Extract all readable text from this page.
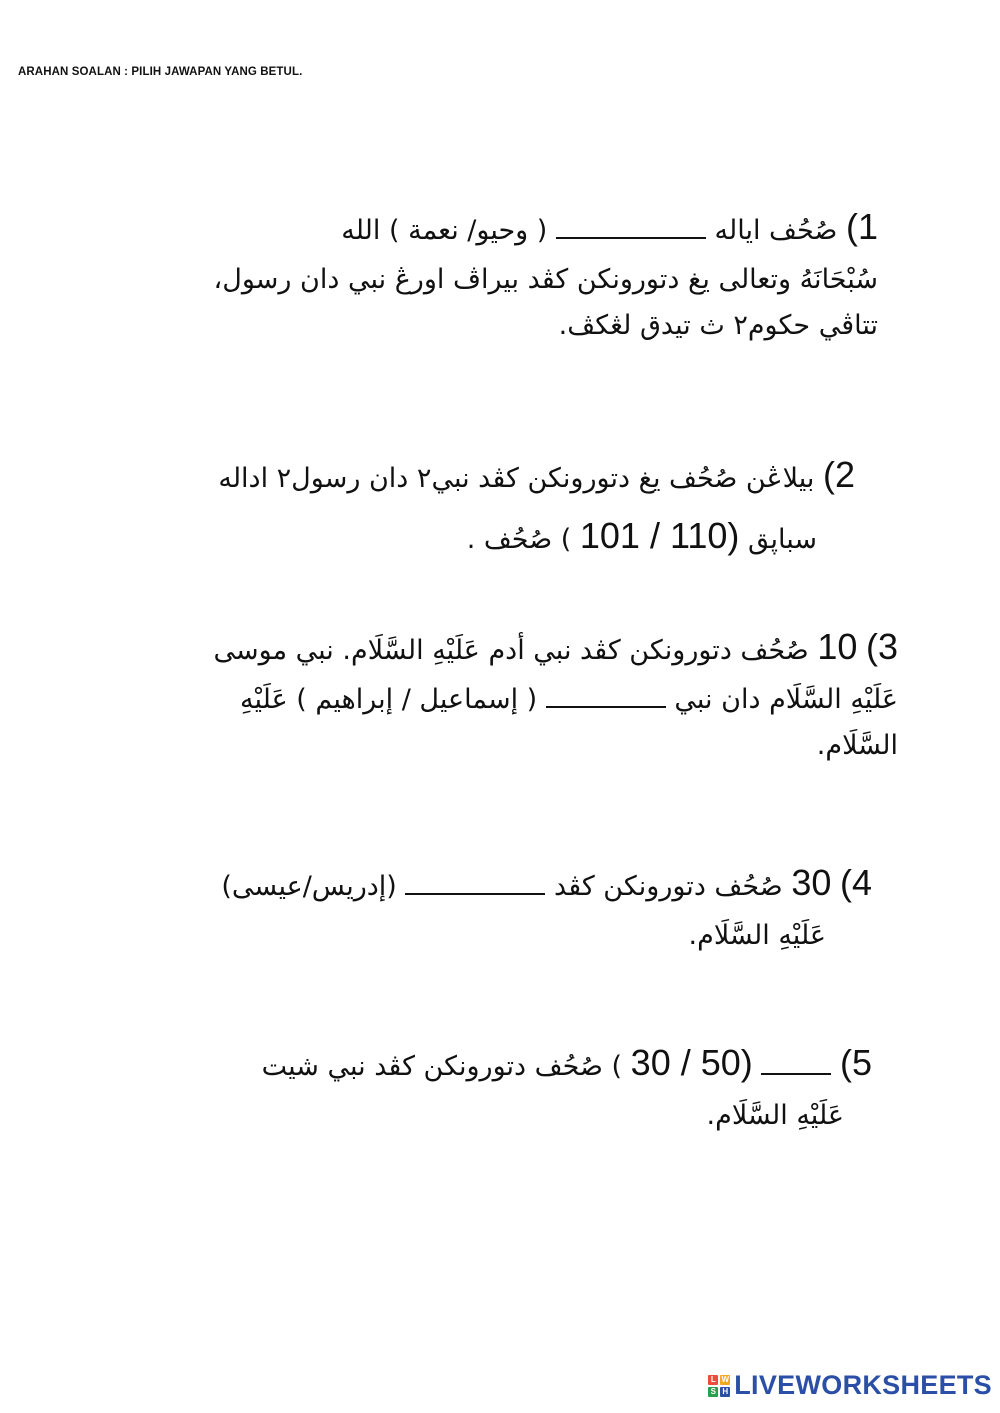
ARAHAN SOALAN : PILIH JAWAPAN YANG BETUL.
1) صُحُف اياله  ( وحيو/ نعمة ) الله
سُبْحَانَهُ وتعالى يغ دتورونكن كڤد بيراڤ اورڠ نبي دان رسول،
تتاڤي حكوم٢ ث تيدق لڠكڤ.
2) بيلاڠن صُحُف يغ دتورونكن كڤد نبي٢ دان رسول٢ اداله
سباڽق (110 / 101 ) صُحُف .
3) 10 صُحُف دتورونكن كڤد نبي أدم عَلَيْهِ السَّلَام. نبي موسى
عَلَيْهِ السَّلَام دان نبي  ( إسماعيل / إبراهيم ) عَلَيْهِ
السَّلَام.
4) 30 صُحُف دتورونكن كڤد  (إدريس/عيسى)
عَلَيْهِ السَّلَام.
5)  (50 / 30 ) صُحُف دتورونكن كڤد نبي شيت
عَلَيْهِ السَّلَام.
L W
S H LIVEWORKSHEETS
